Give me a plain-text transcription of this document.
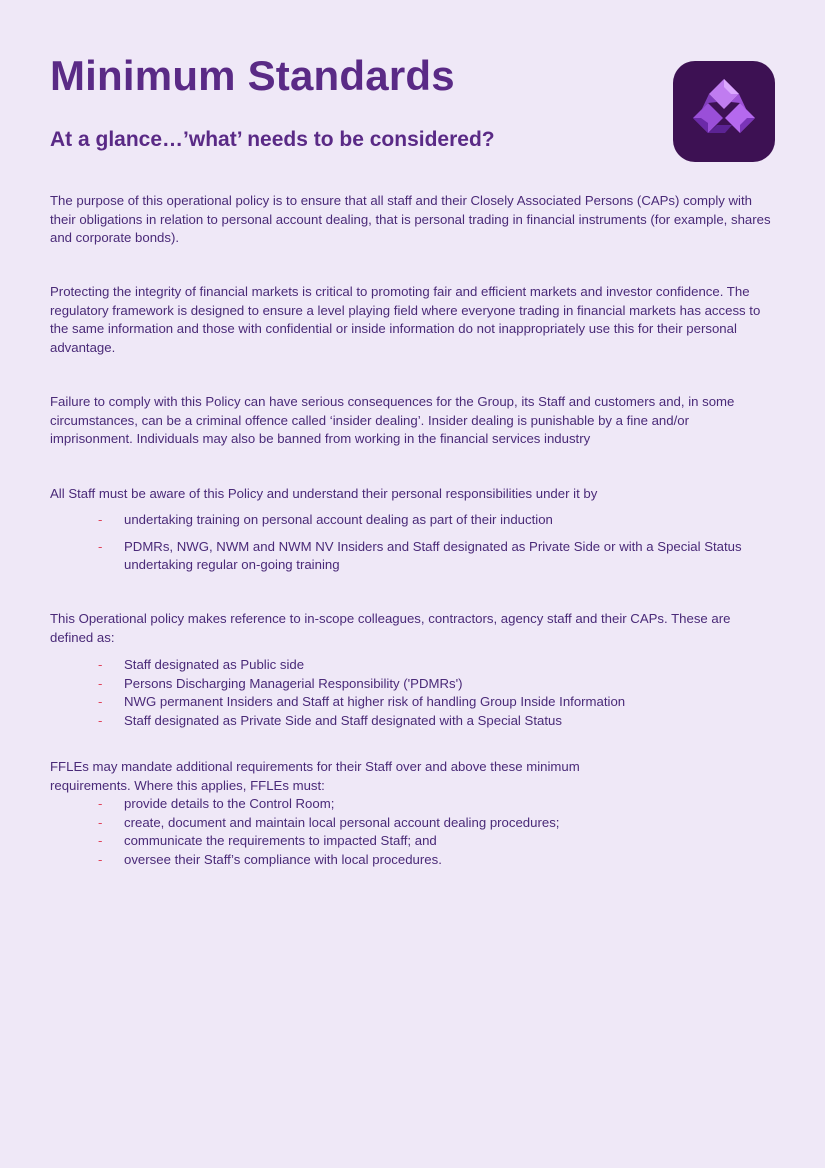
Minimum Standards
At a glance…’what’ needs to be considered?

The purpose of this operational policy is to ensure that all staff and their Closely Associated Persons (CAPs) comply with their obligations in relation to personal account dealing, that is personal trading in financial instruments (for example, shares and corporate bonds).

Protecting the integrity of financial markets is critical to promoting fair and efficient markets and investor confidence. The regulatory framework is designed to ensure a level playing field where everyone trading in financial markets has access to the same information and those with confidential or inside information do not inappropriately use this for their personal advantage.

Failure to comply with this Policy can have serious consequences for the Group, its Staff and customers and, in some circumstances, can be a criminal offence called ‘insider dealing’. Insider dealing is punishable by a fine and/or imprisonment. Individuals may also be banned from working in the financial services industry

All Staff must be aware of this Policy and understand their personal responsibilities under it by

- undertaking training on personal account dealing as part of their induction
- PDMRs, NWG, NWM and NWM NV Insiders and Staff designated as Private Side or with a Special Status undertaking regular on-going training

This Operational policy makes reference to in-scope colleagues, contractors, agency staff and their CAPs. These are defined as:

- Staff designated as Public side
- Persons Discharging Managerial Responsibility ('PDMRs')
- NWG permanent Insiders and Staff at higher risk of handling Group Inside Information
- Staff designated as Private Side and Staff designated with a Special Status

FFLEs may mandate additional requirements for their Staff over and above these minimum requirements. Where this applies, FFLEs must:

- provide details to the Control Room;
- create, document and maintain local personal account dealing procedures;
- communicate the requirements to impacted Staff; and
- oversee their Staff’s compliance with local procedures.
